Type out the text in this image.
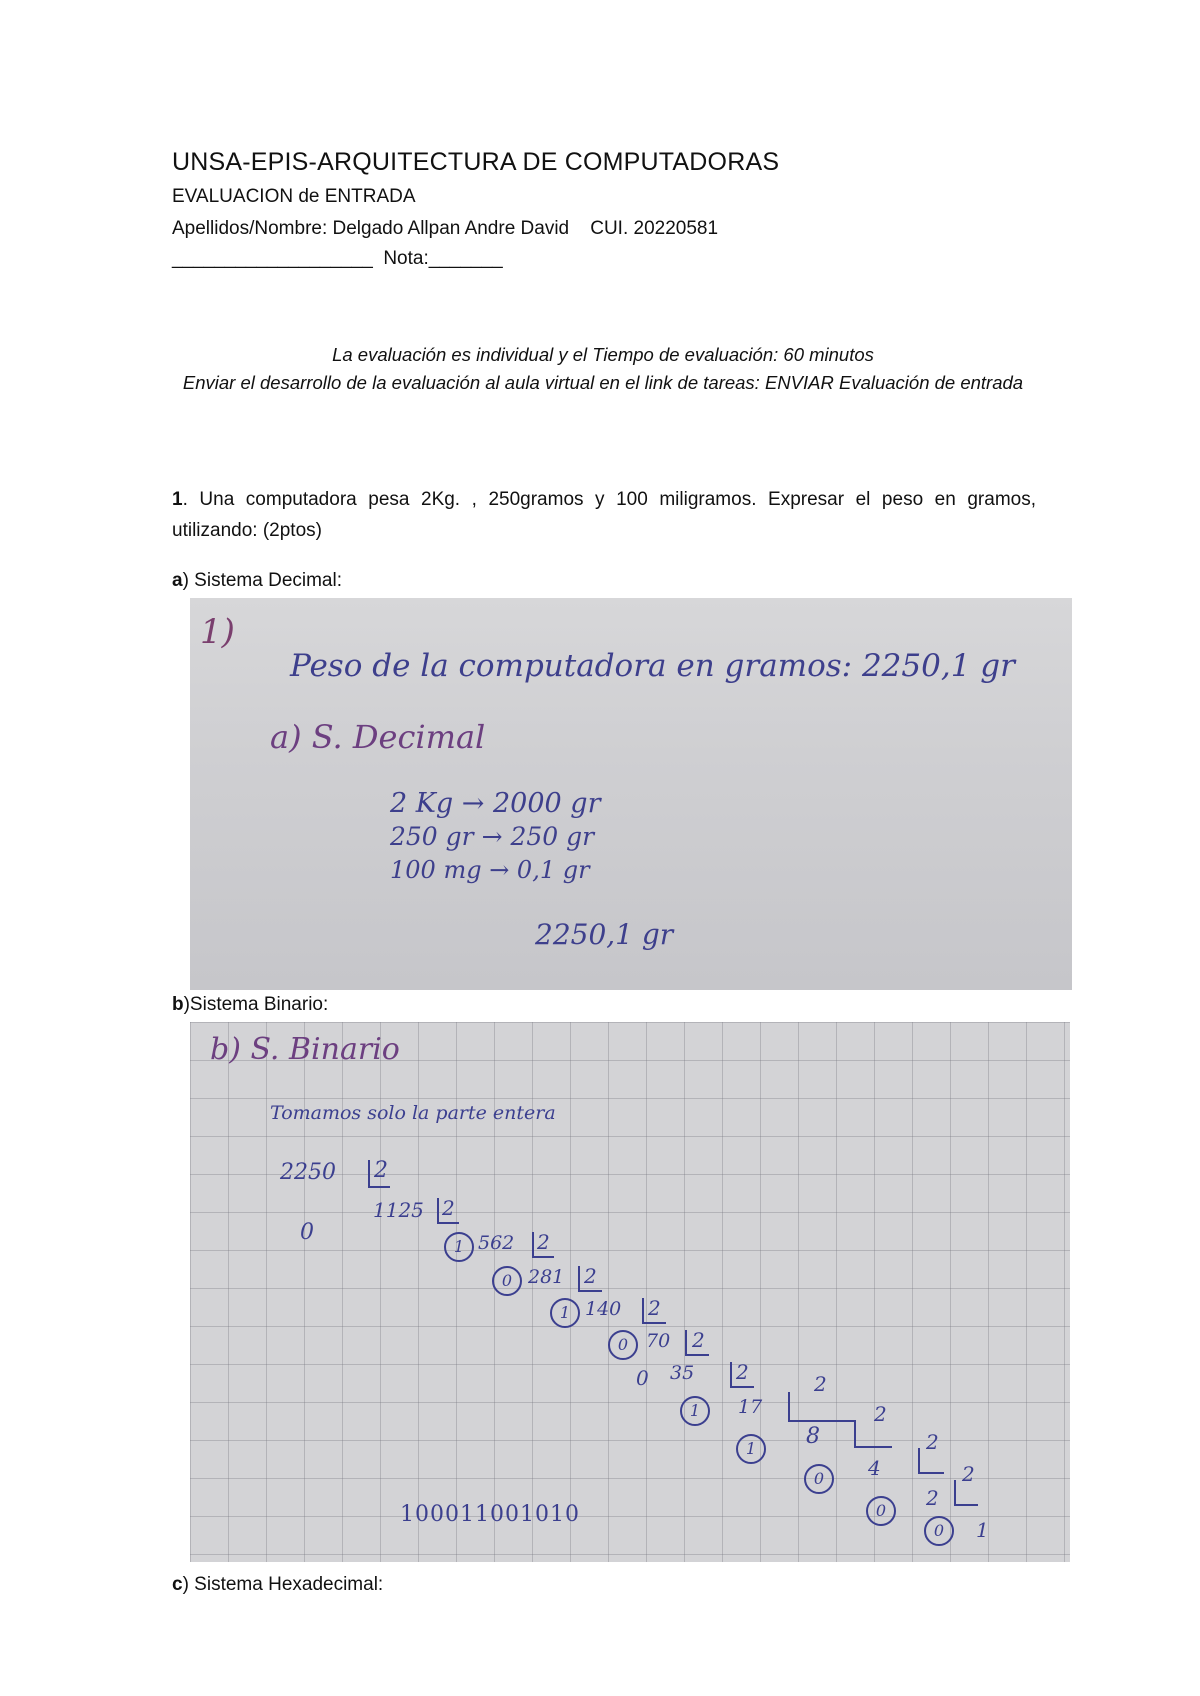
UNSA-EPIS-ARQUITECTURA DE COMPUTADORAS
EVALUACION de ENTRADA
Apellidos/Nombre: Delgado Allpan Andre David    CUI. 20220581
___________________  Nota:_______
La evaluación es individual y el Tiempo de evaluación: 60 minutos
Enviar el desarrollo de la evaluación al aula virtual en el link de tareas: ENVIAR Evaluación de entrada
1. Una computadora pesa 2Kg. , 250gramos y 100 miligramos. Expresar el peso en gramos, utilizando: (2ptos)
a) Sistema Decimal:
1)
Peso de la computadora en gramos: 2250,1 gr
a) S. Decimal
2 Kg → 2000 gr
250 gr → 250 gr
100 mg → 0,1 gr
2250,1 gr
b)Sistema Binario:
b) S. Binario
Tomamos solo la parte entera
2250 2
1125 2
0
1 562 2
0 281 2
1 140 2
0 70 2
0 35 2
1	17
2
1	8
2
0	4
2
0
2
2
0	1
100011001010
c) Sistema Hexadecimal:
